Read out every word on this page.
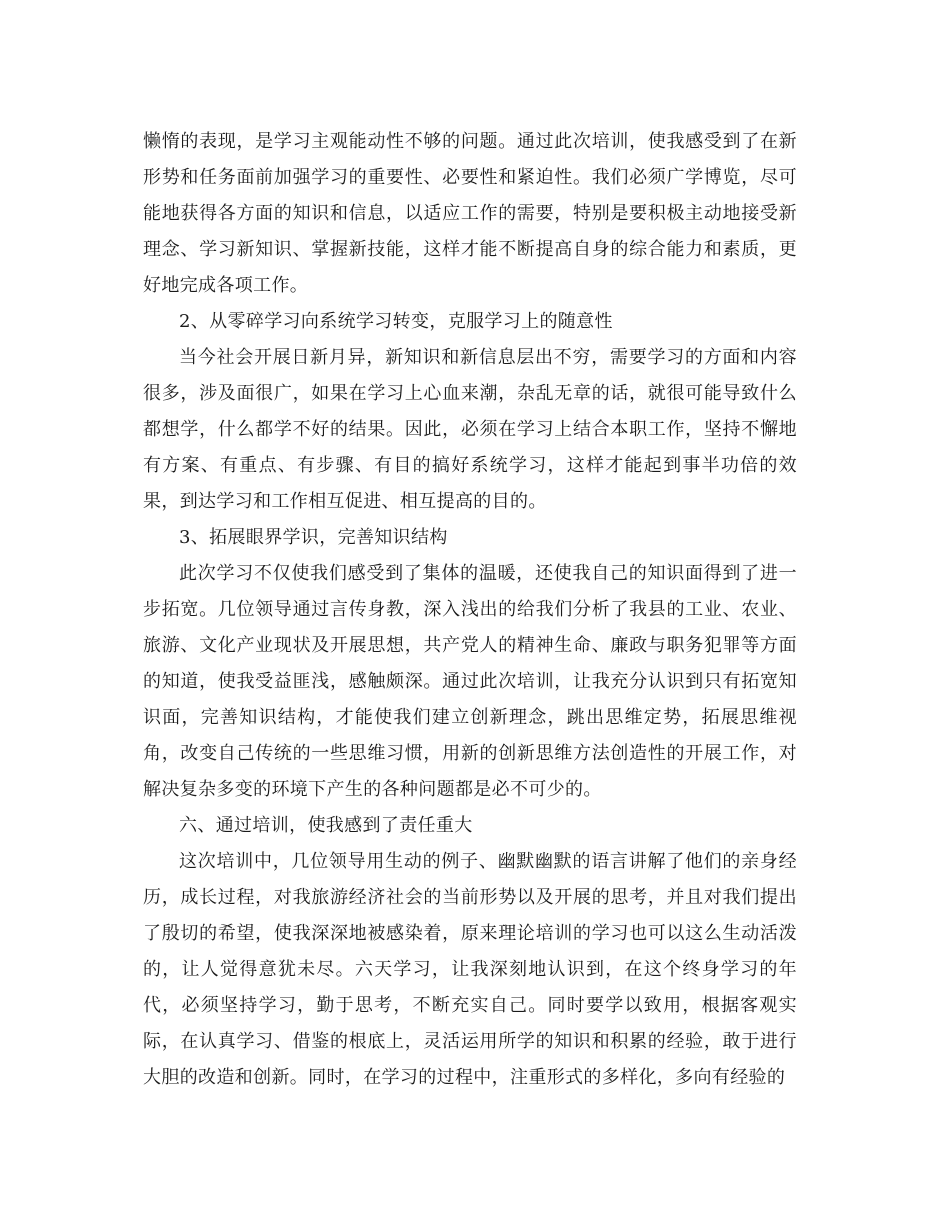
懒惰的表现，是学习主观能动性不够的问题。通过此次培训，使我感受到了在新形势和任务面前加强学习的重要性、必要性和紧迫性。我们必须广学博览，尽可能地获得各方面的知识和信息，以适应工作的需要，特别是要积极主动地接受新理念、学习新知识、掌握新技能，这样才能不断提高自身的综合能力和素质，更好地完成各项工作。

2、从零碎学习向系统学习转变，克服学习上的随意性

当今社会开展日新月异，新知识和新信息层出不穷，需要学习的方面和内容很多，涉及面很广，如果在学习上心血来潮，杂乱无章的话，就很可能导致什么都想学，什么都学不好的结果。因此，必须在学习上结合本职工作，坚持不懈地有方案、有重点、有步骤、有目的搞好系统学习，这样才能起到事半功倍的效果，到达学习和工作相互促进、相互提高的目的。

3、拓展眼界学识，完善知识结构

此次学习不仅使我们感受到了集体的温暖，还使我自己的知识面得到了进一步拓宽。几位领导通过言传身教，深入浅出的给我们分析了我县的工业、农业、旅游、文化产业现状及开展思想，共产党人的精神生命、廉政与职务犯罪等方面的知道，使我受益匪浅，感触颇深。通过此次培训，让我充分认识到只有拓宽知识面，完善知识结构，才能使我们建立创新理念，跳出思维定势，拓展思维视角，改变自己传统的一些思维习惯，用新的创新思维方法创造性的开展工作，对解决复杂多变的环境下产生的各种问题都是必不可少的。

六、通过培训，使我感到了责任重大

这次培训中，几位领导用生动的例子、幽默幽默的语言讲解了他们的亲身经历，成长过程，对我旅游经济社会的当前形势以及开展的思考，并且对我们提出了殷切的希望，使我深深地被感染着，原来理论培训的学习也可以这么生动活泼的，让人觉得意犹未尽。六天学习，让我深刻地认识到，在这个终身学习的年代，必须坚持学习，勤于思考，不断充实自己。同时要学以致用，根据客观实际，在认真学习、借鉴的根底上，灵活运用所学的知识和积累的经验，敢于进行大胆的改造和创新。同时，在学习的过程中，注重形式的多样化，多向有经验的
